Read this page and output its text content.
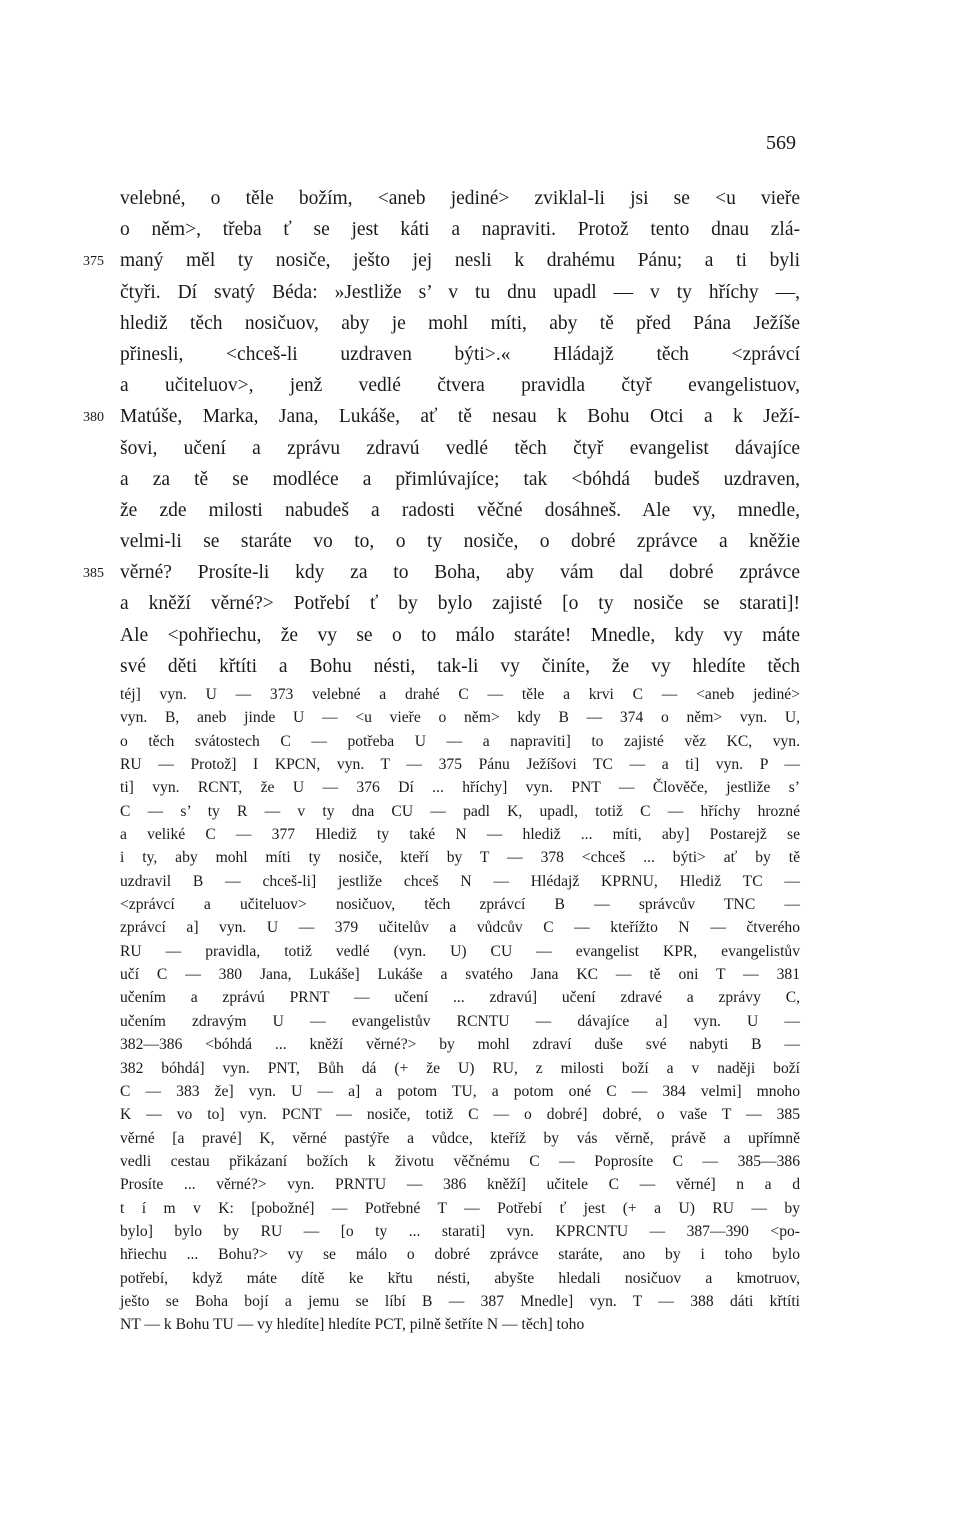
569
velebné, o těle božím, <aneb jediné> zviklal-li jsi se <u vieře
o něm>, třeba ť se jest káti a napraviti. Protož tento dnau zlá-
maný měl ty nosiče, ješto jej nesli k drahému Pánu; a ti byli
375
čtyři. Dí svatý Béda: »Jestliže s’ v tu dnu upadl — v ty hříchy —,
hlediž těch nosičuov, aby je mohl míti, aby tě před Pána Ježíše
přinesli, <chceš-li uzdraven býti>.« Hládajž těch <zprávcí
a učiteluov>, jenž vedlé čtvera pravidla čtyř evangelistuov,
Matúše, Marka, Jana, Lukáše, ať tě nesau k Bohu Otci a k Ježí-
380
šovi, učení a zprávu zdravú vedlé těch čtyř evangelist dávajíce
a za tě se modléce a přimlúvajíce; tak <bóhdá budeš uzdraven,
že zde milosti nabudeš a radosti věčné dosáhneš. Ale vy, mnedle,
velmi-li se staráte vo to, o ty nosiče, o dobré zprávce a kněžie
věrné? Prosíte-li kdy za to Boha, aby vám dal dobré zprávce
385
a kněží věrné?> Potřebí ť by bylo zajisté [o ty nosiče se starati]!
Ale <pohřiechu, že vy se o to málo staráte! Mnedle, kdy vy máte
své děti křtíti a Bohu nésti, tak-li vy činíte, že vy hledíte těch
téj] vyn. U — 373 velebné a drahé C — těle a krvi C — <aneb jediné>
vyn. B, aneb jinde U — <u vieře o něm> kdy B — 374 o něm> vyn. U,
o těch svátostech C — potřeba U — a napraviti] to zajisté věz KC, vyn.
RU — Protož] I KPCN, vyn. T — 375 Pánu Ježíšovi TC — a ti] vyn. P —
ti] vyn. RCNT, že U — 376 Dí ... hříchy] vyn. PNT — Člověče, jestliže s’
C — s’ ty R — v ty dna CU — padl K, upadl, totiž C — hříchy hrozné
a veliké C — 377 Hlediž ty také N — hlediž ... míti, aby] Postarejž se
i ty, aby mohl míti ty nosiče, kteří by T — 378 <chceš ... býti> ať by tě
uzdravil B — chceš-li] jestliže chceš N — Hlédajž KPRNU, Hlediž TC —
<zprávcí a učiteluov> nosičuov, těch zprávcí B — správcův TNC —
zprávcí a] vyn. U — 379 učitelův a vůdcův C — kteřížto N — čtverého
RU — pravidla, totiž vedlé (vyn. U) CU — evangelist KPR, evangelistův
učí C — 380 Jana, Lukáše] Lukáše a svatého Jana KC — tě oni T — 381
učením a zprávú PRNT — učení ... zdravú] učení zdravé a zprávy C,
učením zdravým U — evangelistův RCNTU — dávajíce a] vyn. U —
382—386 <bóhdá ... kněží věrné?> by mohl zdraví duše své nabyti B —
382 bóhdá] vyn. PNT, Bůh dá (+ že U) RU, z milosti boží a v naději boží
C — 383 že] vyn. U — a] a potom TU, a potom oné C — 384 velmi] mnoho
K — vo to] vyn. PCNT — nosiče, totiž C — o dobré] dobré, o vaše T — 385
věrné [a pravé] K, věrné pastýře a vůdce, kteříž by vás věrně, právě a upřímně
vedli cestau přikázaní božích k životu věčnému C — Poprosíte C — 385—386
Prosíte ... věrné?> vyn. PRNTU — 386 kněží] učitele C — věrné] n a d
t í m v K: [pobožné] — Potřebné T — Potřebí ť jest (+ a U) RU — by
bylo] bylo by RU — [o ty ... starati] vyn. KPRCNTU — 387—390 <po-
hřiechu ... Bohu?> vy se málo o dobré zprávce staráte, ano by i toho bylo
potřebí, když máte dítě ke křtu nésti, abyšte hledali nosičuov a kmotruov,
ješto se Boha bojí a jemu se líbí B — 387 Mnedle] vyn. T — 388 dáti křtíti
NT — k Bohu TU — vy hledíte] hledíte PCT, pilně šetříte N — těch] toho
